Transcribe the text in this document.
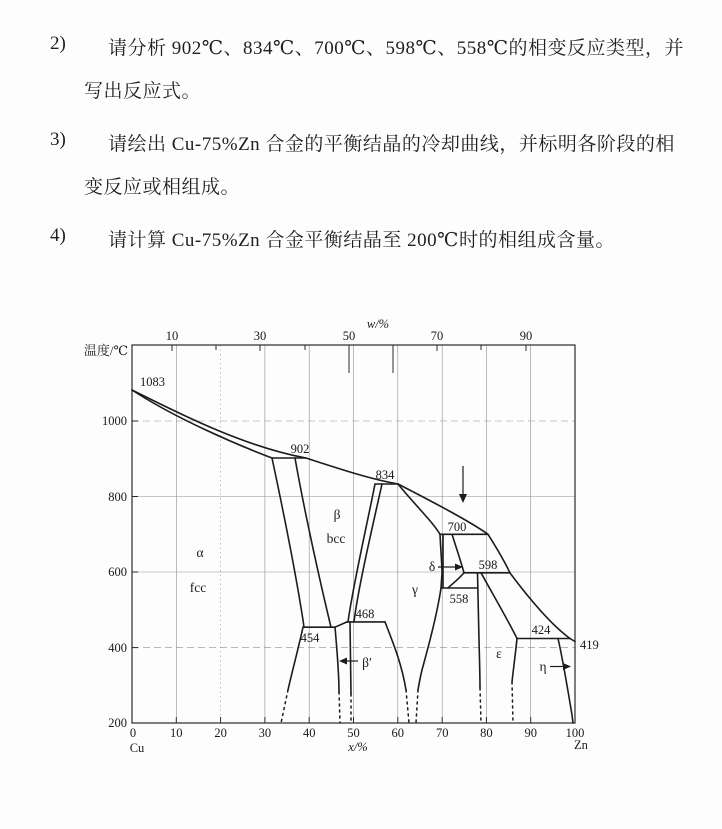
2) 请分析 902℃、834℃、700℃、598℃、558℃的相变反应类型，并
写出反应式。
3) 请绘出 Cu-75%Zn 合金的平衡结晶的冷却曲线，并标明各阶段的相
变反应或相组成。
4) 请计算 Cu-75%Zn 合金平衡结晶至 200℃时的相组成含量。
温度/℃
w/%
x/%
Cu	Zn
1000
800
600
400
200
0	10	20	30	40	50	60	70	80	90 100
10	30	50	70	90
1083
902
834
700
598
558
468
454
424
419
α
fcc
β
bcc
β′
γ
δ
ε
η
